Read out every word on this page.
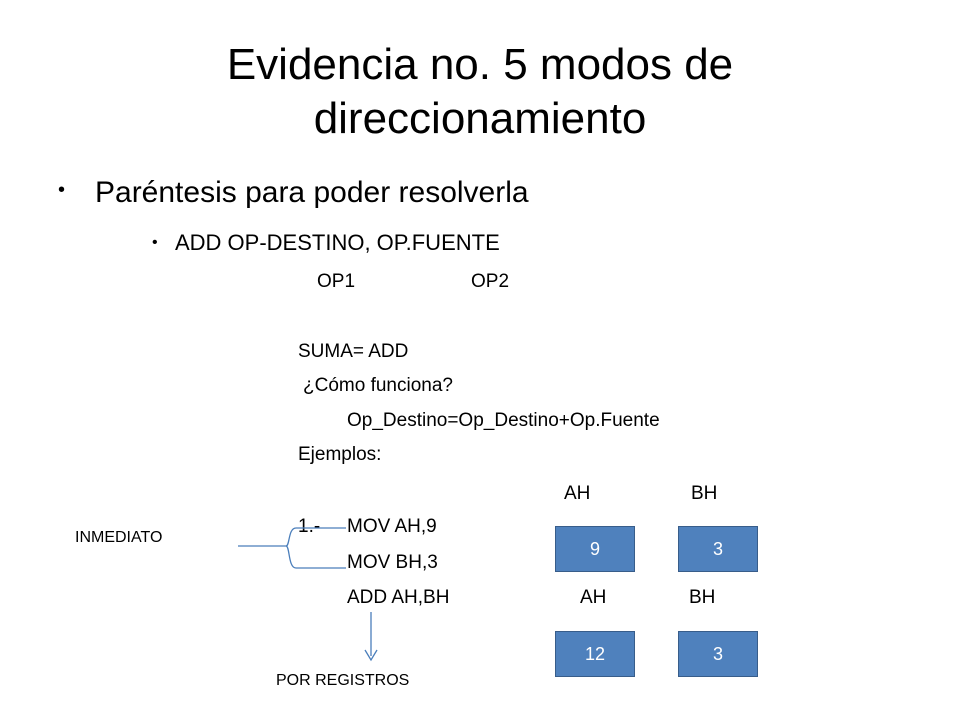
Evidencia no. 5 modos de
direccionamiento
• Paréntesis para poder resolverla
• ADD OP-DESTINO, OP.FUENTE
OP1	OP2
SUMA= ADD
¿Cómo funciona?
Op_Destino=Op_Destino+Op.Fuente
Ejemplos:
AH	BH
1.- MOV AH,9
MOV BH,3
ADD AH,BH	AH	BH
9	3
12	3
INMEDIATO
POR REGISTROS
